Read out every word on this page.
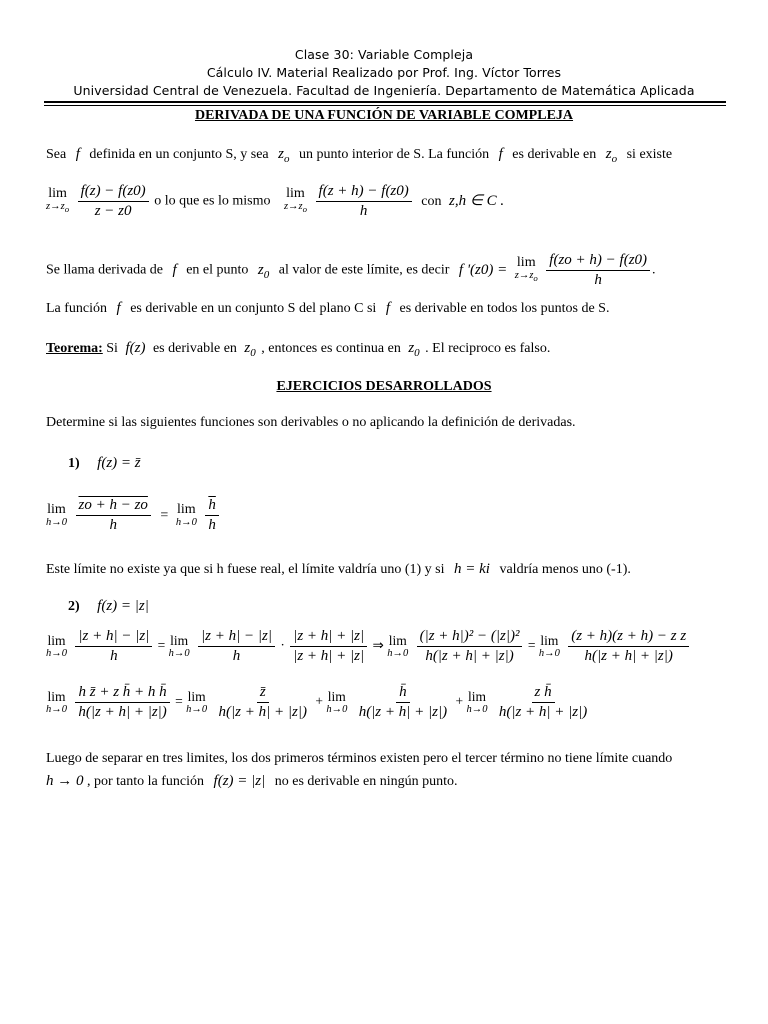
Clase 30: Variable Compleja
Cálculo IV. Material Realizado por Prof. Ing. Víctor Torres
Universidad Central de Venezuela. Facultad de Ingeniería. Departamento de Matemática Aplicada
DERIVADA DE UNA FUNCIÓN DE VARIABLE COMPLEJA
Sea f definida en un conjunto S, y sea $z_o$ un punto interior de S. La función f es derivable en $z_o$ si existe
lim
$z\to z_o$
$\frac{f(z) - f(z0)}{z - z0}$ o lo que es lo mismo lim
$z\to z_o$
$\frac{f(z + h) - f(z0)}{h}$ con z,h ∈ C .
Se llama derivada de f en el punto $z_0$ al valor de este límite, es decir f '(z0) = lim
$z\to z_o$
$\frac{f(zo + h) - f(z0)}{h}$ .
La función f es derivable en un conjunto S del plano C si f es derivable en todos los puntos de S.
Teorema: Si f(z) es derivable en $z_0$ , entonces es continua en $z_0$ . El reciproco es falso.
EJERCICIOS DESARROLLADOS
Determine si las siguientes funciones son derivables o no aplicando la definición de derivadas.
1) f(z) = z̄
lim
h→0
$\frac{zo + h - zo}{h} = \lim$
h→0
$\frac{\overline{h}}{h}$
Este límite no existe ya que si h fuese real, el límite valdría uno (1) y si h = ki valdría menos uno (-1).
2) f(z) = |z|
lim
h→0
$\frac{|z + h| - |z|}{h} = \lim$
h→0
$\frac{|z + h| - |z|}{h} \cdot \frac{|z + h| + |z|}{|z + h| + |z|}$ ⇒ lim
h→0
$\frac{\text{(|z + h|)² − (|z|)²}}{h(|z + h| + |z|)} = \lim$
h→0
$\frac{\text{(z + h)(z + h) − z z}}{h(|z + h| + |z|)}$
lim
h→0
$\frac{\text{h z̄ + z h̄ + h h̄}}{h(|z + h| + |z|)} = \lim$
h→0
$\frac{z̄}{h(|z + h| + |z|)} + \lim$
h→0
$\frac{h̄}{h(|z + h| + |z|)} + \lim$
h→0
$\frac{\text{z h̄}}{h(|z + h| + |z|)}$
Luego de separar en tres limites, los dos primeros términos existen pero el tercer término no tiene límite cuando
h → 0 , por tanto la función f(z) = |z| no es derivable en ningún punto.
